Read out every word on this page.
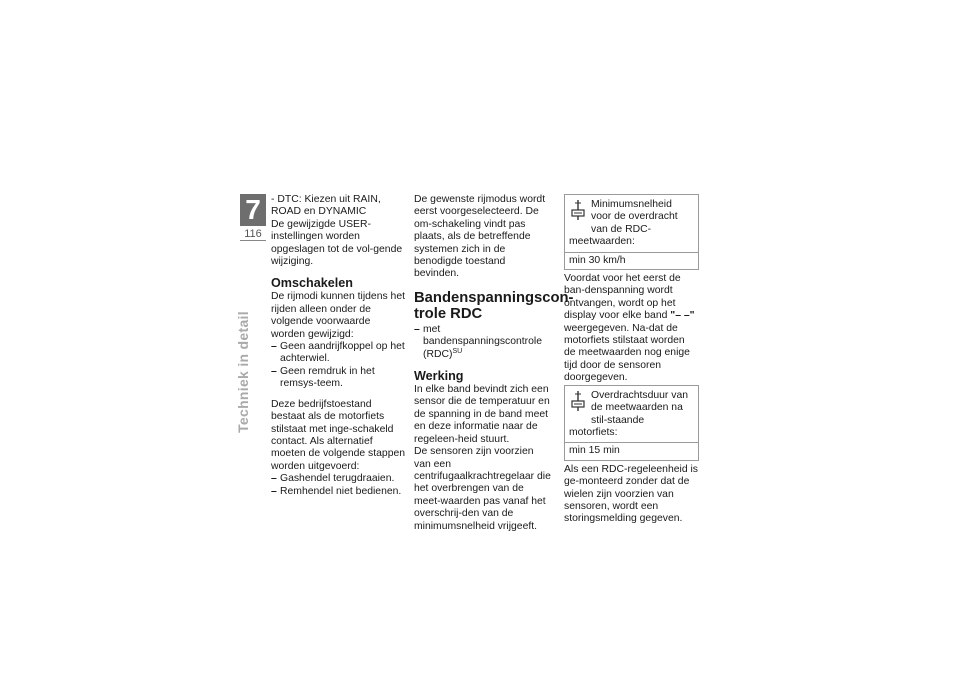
7
116
Techniek in detail

- DTC: Kiezen uit RAIN, ROAD en DYNAMIC

De gewijzigde USER-instellingen worden opgeslagen tot de vol-gende wijziging.

Omschakelen

De rijmodi kunnen tijdens het rijden alleen onder de volgende voorwaarde worden gewijzigd:

– Geen aandrijfkoppel op het achterwiel.

– Geen remdruk in het remsys-teem.

Deze bedrijfstoestand bestaat als de motorfiets stilstaat met inge-schakeld contact. Als alternatief moeten de volgende stappen worden uitgevoerd:

– Gashendel terugdraaien.

– Remhendel niet bedienen.

De gewenste rijmodus wordt eerst voorgeselecteerd. De om-schakeling vindt pas plaats, als de betreffende systemen zich in de benodigde toestand bevinden.

Bandenspanningscon-trole RDC

– met bandenspanningscontrole (RDC)$^{SU}$

Werking

In elke band bevindt zich een sensor die de temperatuur en de spanning in de band meet en deze informatie naar de regeleen-heid stuurt.

De sensoren zijn voorzien van een centrifugaalkrachtregelaar die het overbrengen van de meet-waarden pas vanaf het overschrij-den van de minimumsnelheid vrijgeeft.

Minimumsnelheid voor de overdracht van de RDC-meetwaarden:
min 30 km/h

Voordat voor het eerst de ban-denspanning wordt ontvangen, wordt op het display voor elke band "– –" weergegeven. Na-dat de motorfiets stilstaat worden de meetwaarden nog enige tijd door de sensoren doorgegeven.

Overdrachtsduur van de meetwaarden na stil-staande motorfiets:
min 15 min

Als een RDC-regeleenheid is ge-monteerd zonder dat de wielen zijn voorzien van sensoren, wordt een storingsmelding gegeven.
